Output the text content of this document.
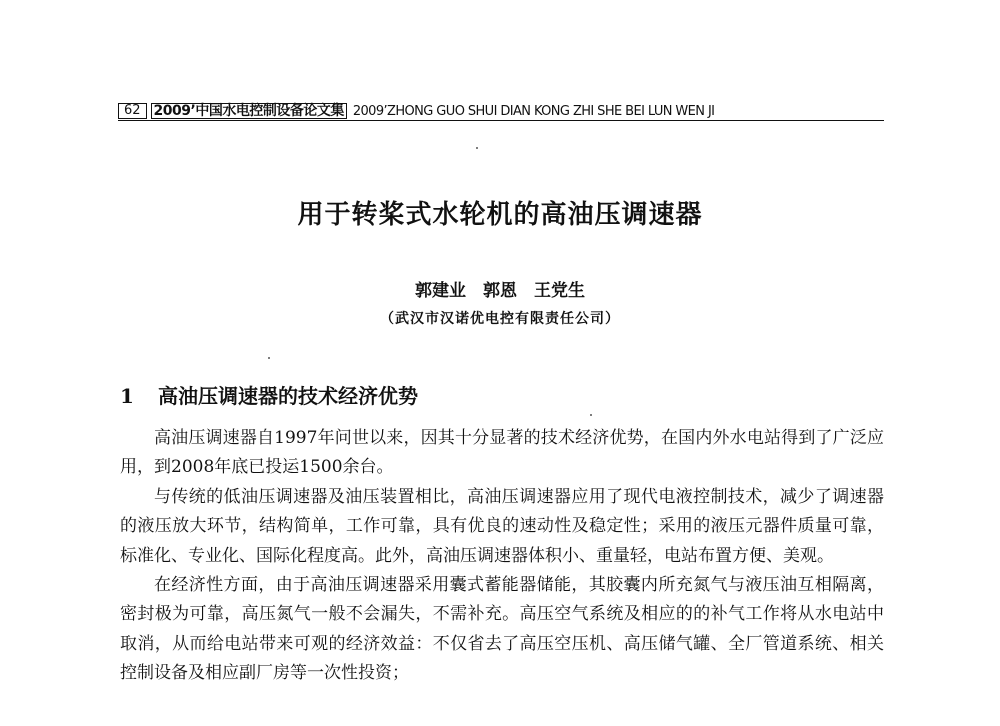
62 2009’中国水电控制设备论文集 2009’ZHONG GUO SHUI DIAN KONG ZHI SHE BEI LUN WEN JI
用于转桨式水轮机的高油压调速器
郭建业　郭恩　王党生
（武汉市汉诺优电控有限责任公司）
1 高油压调速器的技术经济优势

高油压调速器自1997年问世以来，因其十分显著的技术经济优势，在国内外水电站得到了广泛应用，到2008年底已投运1500余台。

与传统的低油压调速器及油压装置相比，高油压调速器应用了现代电液控制技术，减少了调速器的液压放大环节，结构简单，工作可靠，具有优良的速动性及稳定性；采用的液压元器件质量可靠，标准化、专业化、国际化程度高。此外，高油压调速器体积小、重量轻，电站布置方便、美观。

在经济性方面，由于高油压调速器采用囊式蓄能器储能，其胶囊内所充氮气与液压油互相隔离，密封极为可靠，高压氮气一般不会漏失，不需补充。高压空气系统及相应的的补气工作将从水电站中取消，从而给电站带来可观的经济效益：不仅省去了高压空压机、高压储气罐、全厂管道系统、相关控制设备及相应副厂房等一次性投资；
